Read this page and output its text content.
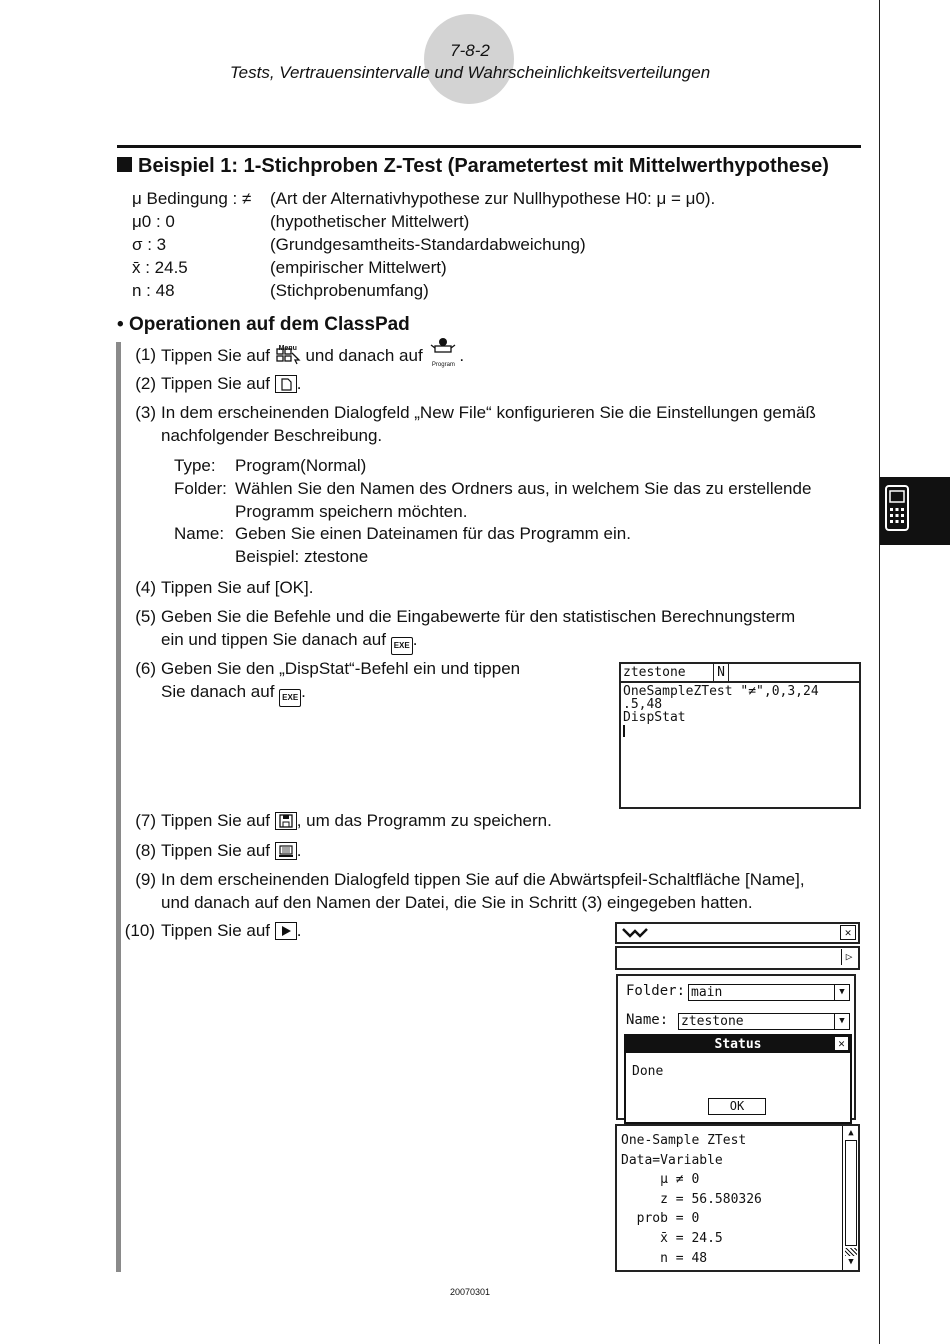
7-8-2
Tests, Vertrauensintervalle und Wahrscheinlichkeitsverteilungen
Beispiel 1: 1-Stichproben Z-Test (Parametertest mit Mittelwerthypothese)
μ Bedingung : ≠ (Art der Alternativhypothese zur Nullhypothese H0: μ = μ0).
μ0 : 0	(hypothetischer Mittelwert)
σ : 3	(Grundgesamtheits-Standardabweichung)
x̄ : 24.5	(empirischer Mittelwert)
n : 48	(Stichprobenumfang)
• Operationen auf dem ClassPad
(1) Tippen Sie auf	Menu und danach auf	Program .
(2) Tippen Sie auf .
(3) In dem erscheinenden Dialogfeld „New File“ konfigurieren Sie die Einstellungen gemäß
nachfolgender Beschreibung.
Type: Program(Normal)
Folder: Wählen Sie den Namen des Ordners aus, in welchem Sie das zu erstellende
Programm speichern möchten.
Name: Geben Sie einen Dateinamen für das Programm ein.
Beispiel: ztestone
(4) Tippen Sie auf [OK].
(5) Geben Sie die Befehle und die Eingabewerte für den statistischen Berechnungsterm
ein und tippen Sie danach auf EXE .
(6) Geben Sie den „DispStat“-Befehl ein und tippen
Sie danach auf EXE .
ztestone	N
OneSampleZTest "≠",0,3,24
.5,48
DispStat
(7) Tippen Sie auf , um das Programm zu speichern.
(8) Tippen Sie auf .
(9) In dem erscheinenden Dialogfeld tippen Sie auf die Abwärtspfeil-Schaltfläche [Name],
und danach auf den Namen der Datei, die Sie in Schritt (3) eingegeben hatten.
(10) Tippen Sie auf .	✕
▷
Folder: main	▼
Name: ztestone	▼
Status	✕
Done
OK
One-Sample ZTest
Data=Variable
μ ≠ 0
z = 56.580326
prob = 0
x̄ = 24.5
n = 48
▲
▼
20070301
